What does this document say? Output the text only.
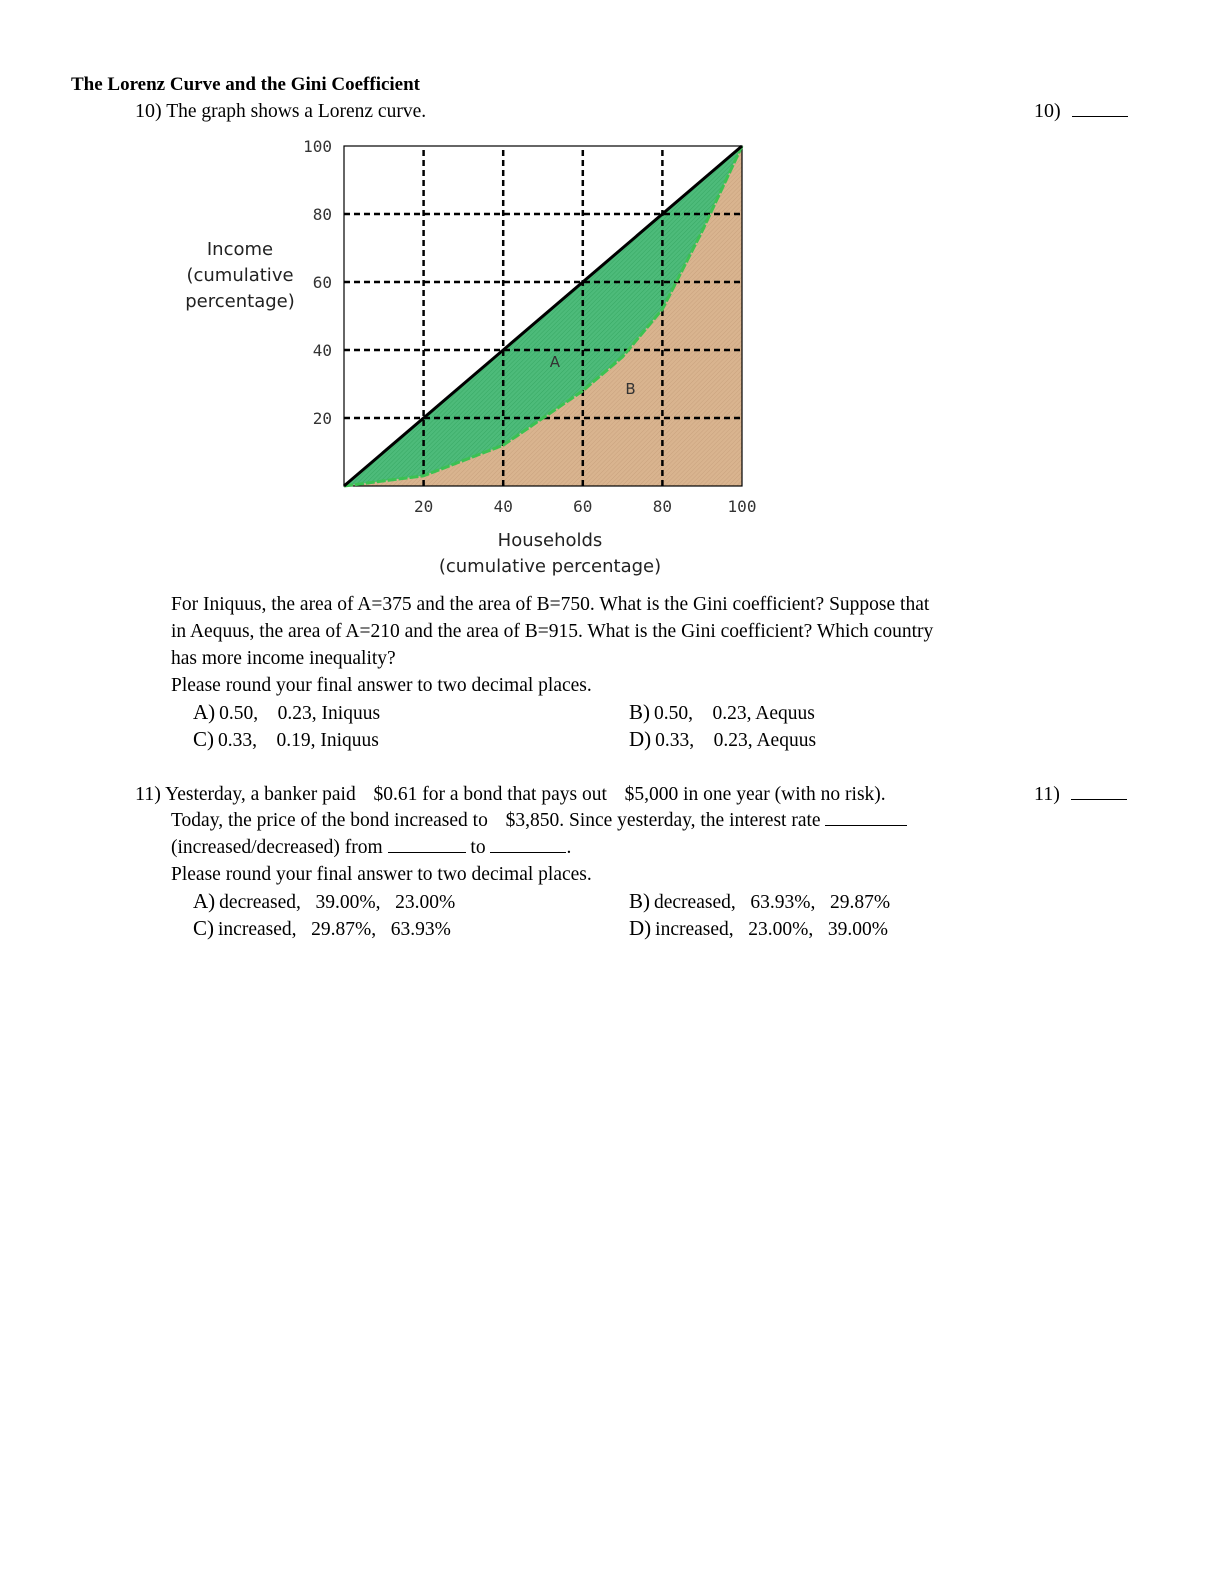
The Lorenz Curve and the Gini Coefficient
10) The graph shows a Lorenz curve.	10)
A
B
20	40	60	80	100
20
40
60
80
100
Households
(cumulative percentage)
Income
(cumulative
percentage)
For Iniquus, the area of A=375 and the area of B=750. What is the Gini coefficient? Suppose that
in Aequus, the area of A=210 and the area of B=915. What is the Gini coefficient? Which country
has more income inequality?
Please round your final answer to two decimal places.
A) 0.50,    0.23, Iniquus	B) 0.50,    0.23, Aequus
C) 0.33,    0.19, Iniquus	D) 0.33,    0.23, Aequus
11) Yesterday, a banker paid $0.61 for a bond that pays out $5,000 in one year (with no risk).	11)
Today, the price of the bond increased to $3,850. Since yesterday, the interest rate
(increased/decreased) from	to	.
Please round your final answer to two decimal places.
A) decreased,   39.00%,   23.00%	B) decreased,   63.93%,   29.87%
C) increased,   29.87%,   63.93%	D) increased,   23.00%,   39.00%
